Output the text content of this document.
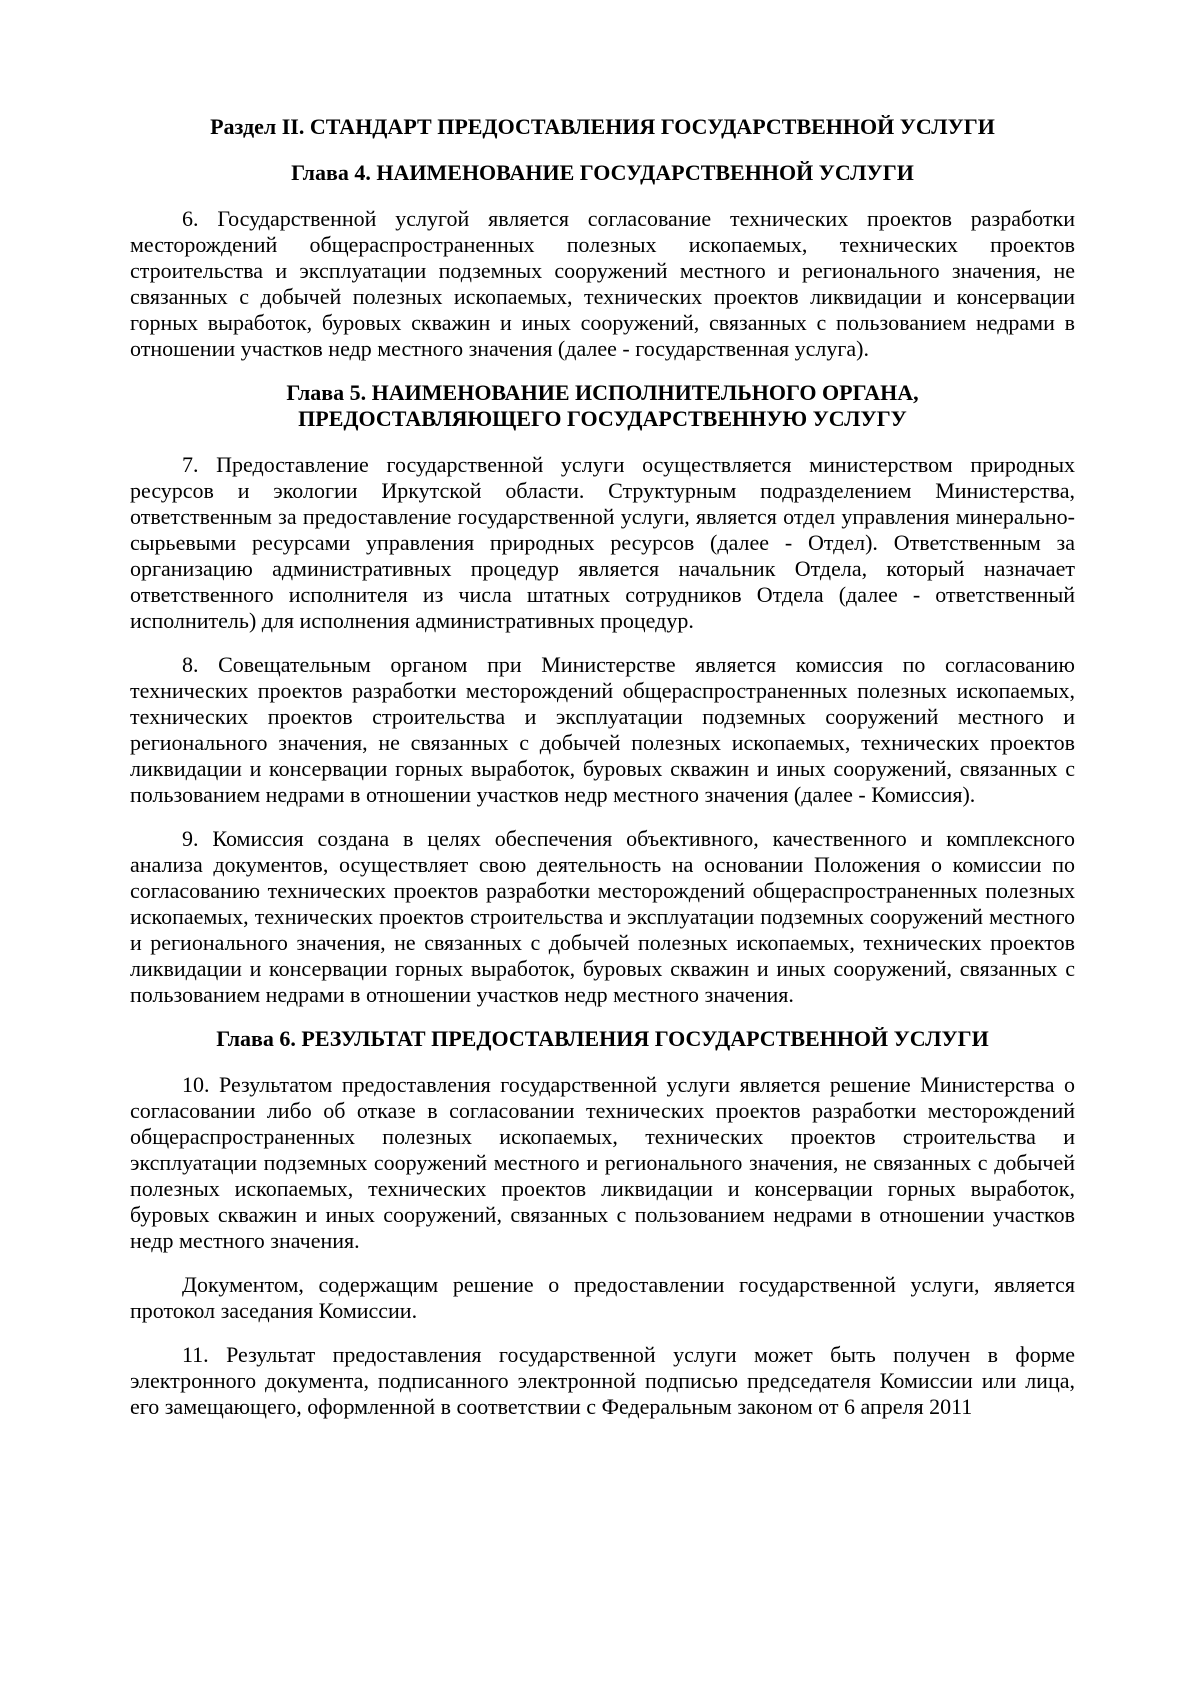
Раздел II. СТАНДАРТ ПРЕДОСТАВЛЕНИЯ ГОСУДАРСТВЕННОЙ УСЛУГИ

Глава 4. НАИМЕНОВАНИЕ ГОСУДАРСТВЕННОЙ УСЛУГИ

6. Государственной услугой является согласование технических проектов разработки месторождений общераспространенных полезных ископаемых, технических проектов строительства и эксплуатации подземных сооружений местного и регионального значения, не связанных с добычей полезных ископаемых, технических проектов ликвидации и консервации горных выработок, буровых скважин и иных сооружений, связанных с пользованием недрами в отношении участков недр местного значения (далее - государственная услуга).

Глава 5. НАИМЕНОВАНИЕ ИСПОЛНИТЕЛЬНОГО ОРГАНА,
ПРЕДОСТАВЛЯЮЩЕГО ГОСУДАРСТВЕННУЮ УСЛУГУ

7. Предоставление государственной услуги осуществляется министерством природных ресурсов и экологии Иркутской области. Структурным подразделением Министерства, ответственным за предоставление государственной услуги, является отдел управления минерально-сырьевыми ресурсами управления природных ресурсов (далее - Отдел). Ответственным за организацию административных процедур является начальник Отдела, который назначает ответственного исполнителя из числа штатных сотрудников Отдела (далее - ответственный исполнитель) для исполнения административных процедур.

8. Совещательным органом при Министерстве является комиссия по согласованию технических проектов разработки месторождений общераспространенных полезных ископаемых, технических проектов строительства и эксплуатации подземных сооружений местного и регионального значения, не связанных с добычей полезных ископаемых, технических проектов ликвидации и консервации горных выработок, буровых скважин и иных сооружений, связанных с пользованием недрами в отношении участков недр местного значения (далее - Комиссия).

9. Комиссия создана в целях обеспечения объективного, качественного и комплексного анализа документов, осуществляет свою деятельность на основании Положения о комиссии по согласованию технических проектов разработки месторождений общераспространенных полезных ископаемых, технических проектов строительства и эксплуатации подземных сооружений местного и регионального значения, не связанных с добычей полезных ископаемых, технических проектов ликвидации и консервации горных выработок, буровых скважин и иных сооружений, связанных с пользованием недрами в отношении участков недр местного значения.

Глава 6. РЕЗУЛЬТАТ ПРЕДОСТАВЛЕНИЯ ГОСУДАРСТВЕННОЙ УСЛУГИ

10. Результатом предоставления государственной услуги является решение Министерства о согласовании либо об отказе в согласовании технических проектов разработки месторождений общераспространенных полезных ископаемых, технических проектов строительства и эксплуатации подземных сооружений местного и регионального значения, не связанных с добычей полезных ископаемых, технических проектов ликвидации и консервации горных выработок, буровых скважин и иных сооружений, связанных с пользованием недрами в отношении участков недр местного значения.

Документом, содержащим решение о предоставлении государственной услуги, является протокол заседания Комиссии.

11. Результат предоставления государственной услуги может быть получен в форме электронного документа, подписанного электронной подписью председателя Комиссии или лица, его замещающего, оформленной в соответствии с Федеральным законом от 6 апреля 2011
